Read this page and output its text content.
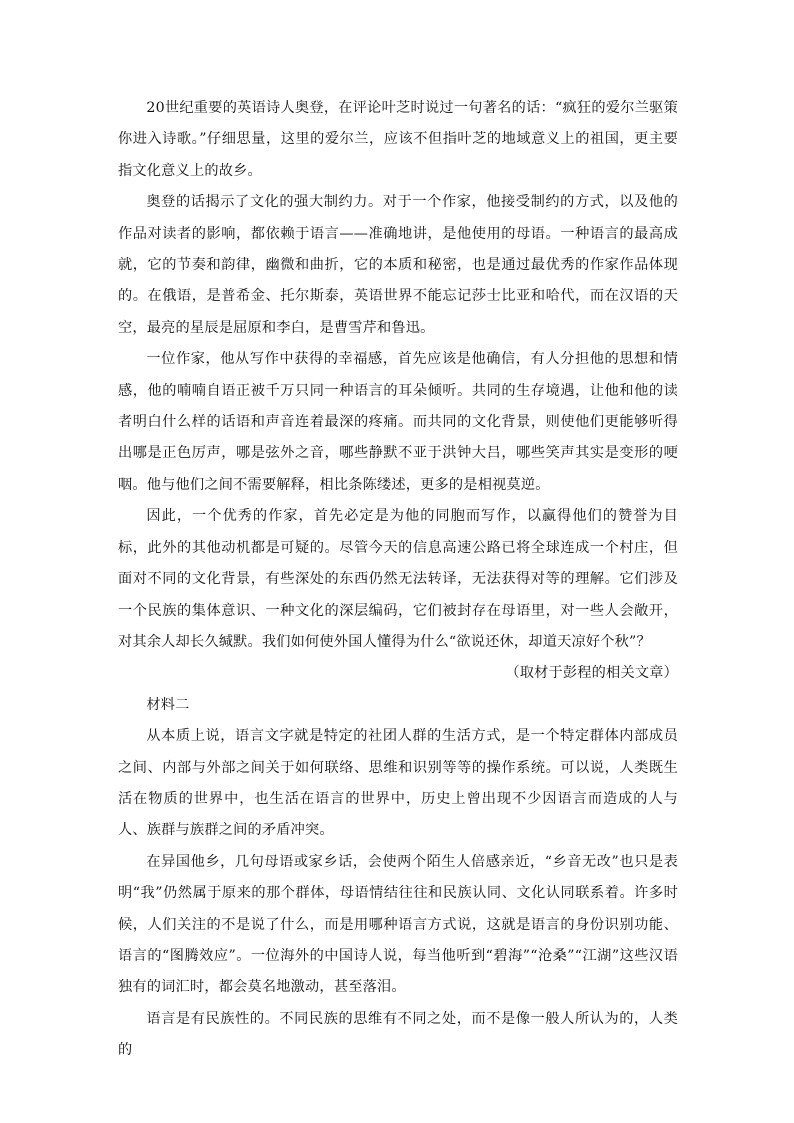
20世纪重要的英语诗人奥登，在评论叶芝时说过一句著名的话：“疯狂的爱尔兰驱策你进入诗歌。”仔细思量，这里的爱尔兰，应该不但指叶芝的地域意义上的祖国，更主要指文化意义上的故乡。

奥登的话揭示了文化的强大制约力。对于一个作家，他接受制约的方式，以及他的作品对读者的影响，都依赖于语言——准确地讲，是他使用的母语。一种语言的最高成就，它的节奏和韵律，幽微和曲折，它的本质和秘密，也是通过最优秀的作家作品体现的。在俄语，是普希金、托尔斯泰，英语世界不能忘记莎士比亚和哈代，而在汉语的天空，最亮的星辰是屈原和李白，是曹雪芹和鲁迅。

一位作家，他从写作中获得的幸福感，首先应该是他确信，有人分担他的思想和情感，他的喃喃自语正被千万只同一种语言的耳朵倾听。共同的生存境遇，让他和他的读者明白什么样的话语和声音连着最深的疼痛。而共同的文化背景，则使他们更能够听得出哪是正色厉声，哪是弦外之音，哪些静默不亚于洪钟大吕，哪些笑声其实是变形的哽咽。他与他们之间不需要解释，相比条陈缕述，更多的是相视莫逆。

因此，一个优秀的作家，首先必定是为他的同胞而写作，以赢得他们的赞誉为目标，此外的其他动机都是可疑的。尽管今天的信息高速公路已将全球连成一个村庄，但面对不同的文化背景，有些深处的东西仍然无法转译，无法获得对等的理解。它们涉及一个民族的集体意识、一种文化的深层编码，它们被封存在母语里，对一些人会敞开，对其余人却长久缄默。我们如何使外国人懂得为什么“欲说还休，却道天凉好个秋”？

（取材于彭程的相关文章）

材料二

从本质上说，语言文字就是特定的社团人群的生活方式，是一个特定群体内部成员之间、内部与外部之间关于如何联络、思维和识别等等的操作系统。可以说，人类既生活在物质的世界中，也生活在语言的世界中，历史上曾出现不少因语言而造成的人与人、族群与族群之间的矛盾冲突。

在异国他乡，几句母语或家乡话，会使两个陌生人倍感亲近，“乡音无改”也只是表明“我”仍然属于原来的那个群体，母语情结往往和民族认同、文化认同联系着。许多时候，人们关注的不是说了什么，而是用哪种语言方式说，这就是语言的身份识别功能、语言的“图腾效应”。一位海外的中国诗人说，每当他听到“碧海”“沧桑”“江湖”这些汉语独有的词汇时，都会莫名地激动，甚至落泪。

语言是有民族性的。不同民族的思维有不同之处，而不是像一般人所认为的，人类的
